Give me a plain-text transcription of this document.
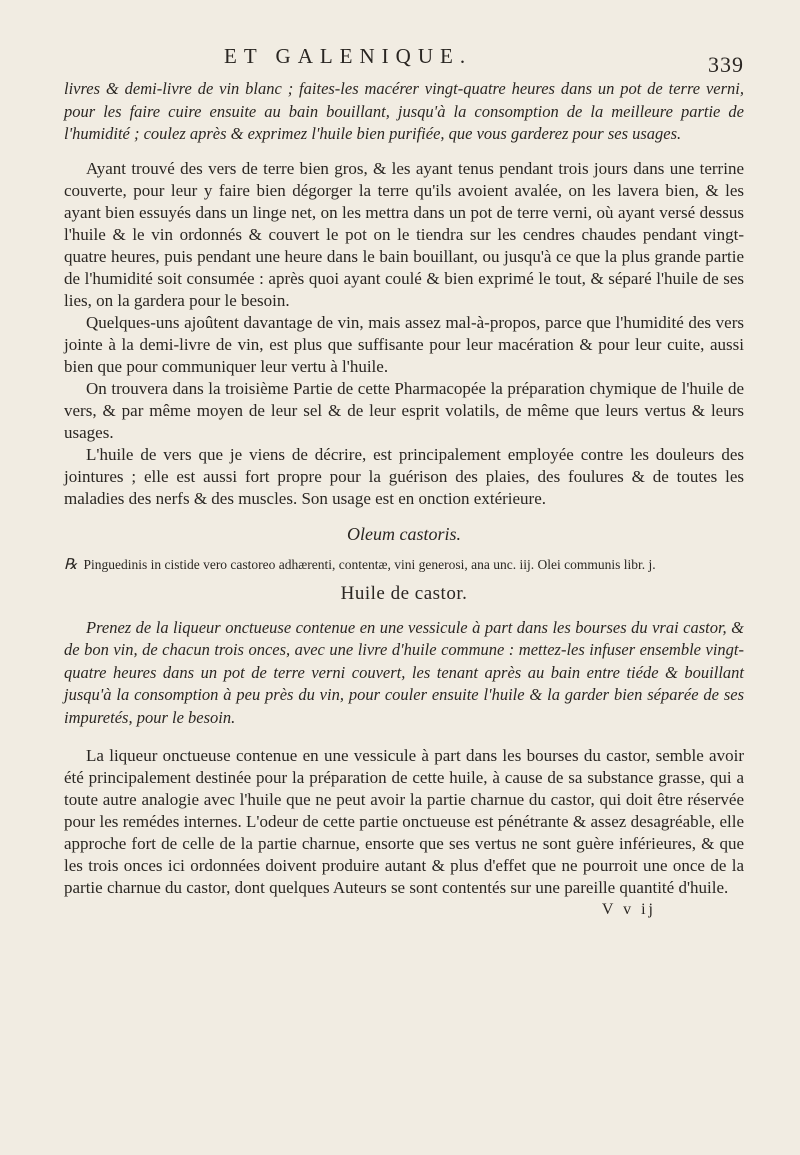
ET GALENIQUE.	339

livres & demi-livre de vin blanc ; faites-les macérer vingt-quatre heures dans un pot de terre verni, pour les faire cuire ensuite au bain bouillant, jusqu'à la consomption de la meilleure partie de l'humidité ; coulez après & exprimez l'huile bien purifiée, que vous garderez pour ses usages.

Ayant trouvé des vers de terre bien gros, & les ayant tenus pendant trois jours dans une terrine couverte, pour leur y faire bien dégorger la terre qu'ils avoient avalée, on les lavera bien, & les ayant bien essuyés dans un linge net, on les mettra dans un pot de terre verni, où ayant versé dessus l'huile & le vin ordonnés & couvert le pot on le tiendra sur les cendres chaudes pendant vingt-quatre heures, puis pendant une heure dans le bain bouillant, ou jusqu'à ce que la plus grande partie de l'humidité soit consumée : après quoi ayant coulé & bien exprimé le tout, & séparé l'huile de ses lies, on la gardera pour le besoin.

Quelques-uns ajoûtent davantage de vin, mais assez mal-à-propos, parce que l'humidité des vers jointe à la demi-livre de vin, est plus que suffisante pour leur macération & pour leur cuite, aussi bien que pour communiquer leur vertu à l'huile.

On trouvera dans la troisième Partie de cette Pharmacopée la préparation chymique de l'huile de vers, & par même moyen de leur sel & de leur esprit volatils, de même que leurs vertus & leurs usages.

L'huile de vers que je viens de décrire, est principalement employée contre les douleurs des jointures ; elle est aussi fort propre pour la guérison des plaies, des foulures & de toutes les maladies des nerfs & des muscles. Son usage est en onction extérieure.

Oleum castoris.

℞ Pinguedinis in cistide vero castoreo adhærenti, contentæ, vini generosi, ana unc. iij. Olei communis libr. j.

Huile de castor.

Prenez de la liqueur onctueuse contenue en une vessicule à part dans les bourses du vrai castor, & de bon vin, de chacun trois onces, avec une livre d'huile commune : mettez-les infuser ensemble vingt-quatre heures dans un pot de terre verni couvert, les tenant après au bain entre tiéde & bouillant jusqu'à la consomption à peu près du vin, pour couler ensuite l'huile & la garder bien séparée de ses impuretés, pour le besoin.

La liqueur onctueuse contenue en une vessicule à part dans les bourses du castor, semble avoir été principalement destinée pour la préparation de cette huile, à cause de sa substance grasse, qui a toute autre analogie avec l'huile que ne peut avoir la partie charnue du castor, qui doit être réservée pour les remédes internes. L'odeur de cette partie onctueuse est pénétrante & assez desagréable, elle approche fort de celle de la partie charnue, ensorte que ses vertus ne sont guère inférieures, & que les trois onces ici ordonnées doivent produire autant & plus d'effet que ne pourroit une once de la partie charnue du castor, dont quelques Auteurs se sont contentés sur une pareille quantité d'huile.

V v ij
